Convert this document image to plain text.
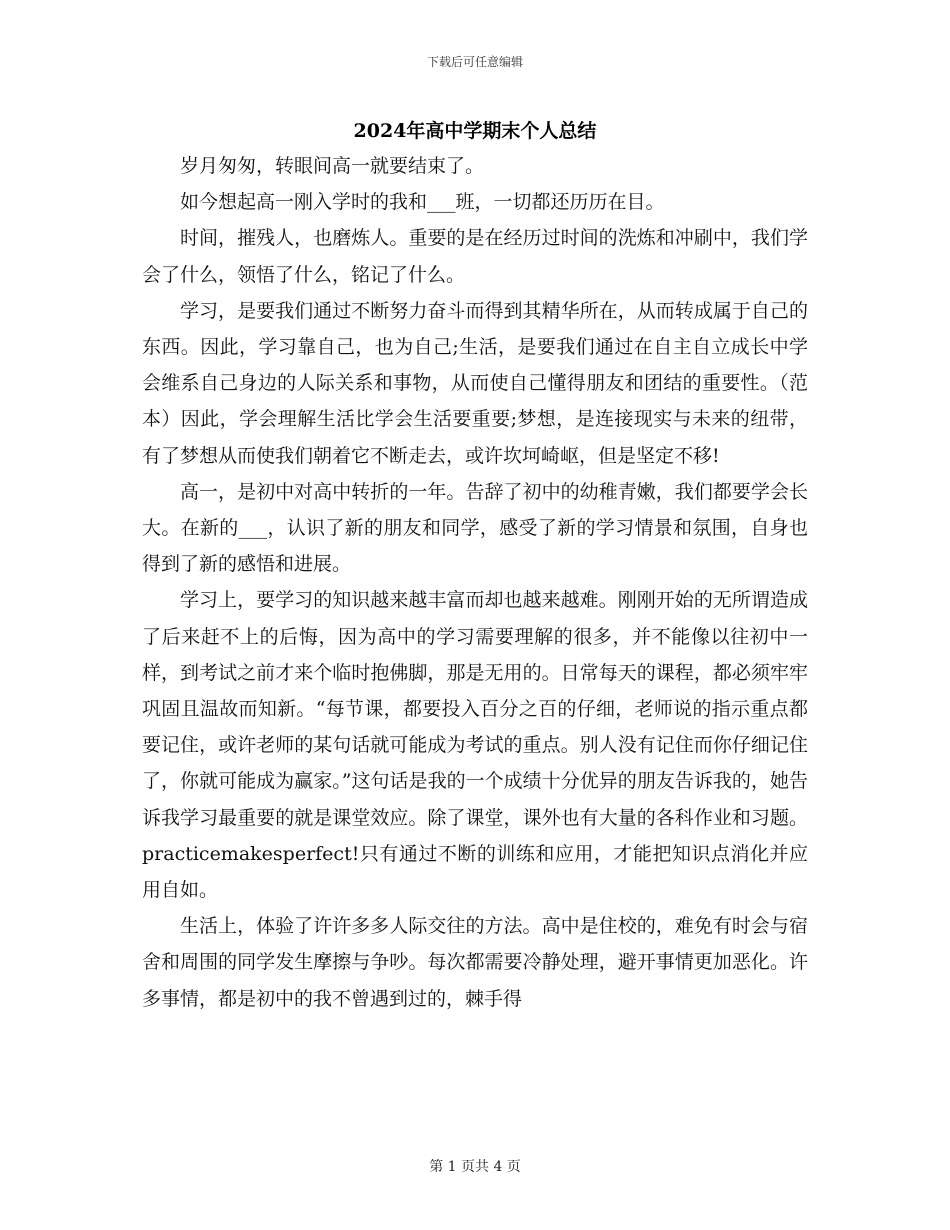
下载后可任意编辑
2024年高中学期末个人总结

岁月匆匆，转眼间高一就要结束了。

如今想起高一刚入学时的我和___班，一切都还历历在目。

时间，摧残人，也磨炼人。重要的是在经历过时间的洗炼和冲刷中，我们学会了什么，领悟了什么，铭记了什么。

学习，是要我们通过不断努力奋斗而得到其精华所在，从而转成属于自己的东西。因此，学习靠自己，也为自己;生活，是要我们通过在自主自立成长中学会维系自己身边的人际关系和事物，从而使自己懂得朋友和团结的重要性。（范本）因此，学会理解生活比学会生活要重要;梦想，是连接现实与未来的纽带，有了梦想从而使我们朝着它不断走去，或许坎坷崎岖，但是坚定不移!

高一，是初中对高中转折的一年。告辞了初中的幼稚青嫩，我们都要学会长大。在新的___，认识了新的朋友和同学，感受了新的学习情景和氛围，自身也得到了新的感悟和进展。

学习上，要学习的知识越来越丰富而却也越来越难。刚刚开始的无所谓造成了后来赶不上的后悔，因为高中的学习需要理解的很多，并不能像以往初中一样，到考试之前才来个临时抱佛脚，那是无用的。日常每天的课程，都必须牢牢巩固且温故而知新。“每节课，都要投入百分之百的仔细，老师说的指示重点都要记住，或许老师的某句话就可能成为考试的重点。别人没有记住而你仔细记住了，你就可能成为赢家。”这句话是我的一个成绩十分优异的朋友告诉我的，她告诉我学习最重要的就是课堂效应。除了课堂，课外也有大量的各科作业和习题。practicemakesperfect!只有通过不断的训练和应用，才能把知识点消化并应用自如。

生活上，体验了许许多多人际交往的方法。高中是住校的，难免有时会与宿舍和周围的同学发生摩擦与争吵。每次都需要冷静处理，避开事情更加恶化。许多事情，都是初中的我不曾遇到过的，棘手得

第 1 页共 4 页
